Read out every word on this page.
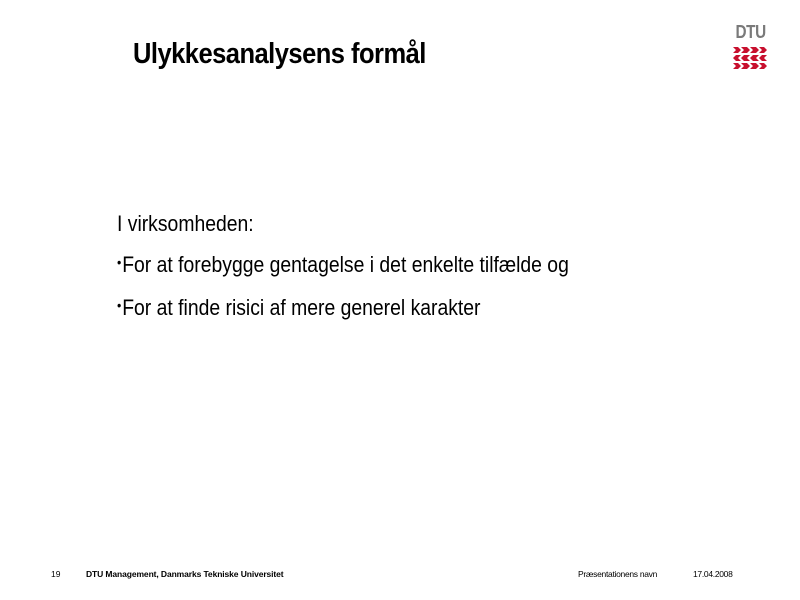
Ulykkesanalysens formål
DTU

I virksomheden:

•For at forebygge gentagelse i det enkelte tilfælde og

•For at finde risici af mere generel karakter

19	DTU Management, Danmarks Tekniske Universitet	Præsentationens navn	17.04.2008
